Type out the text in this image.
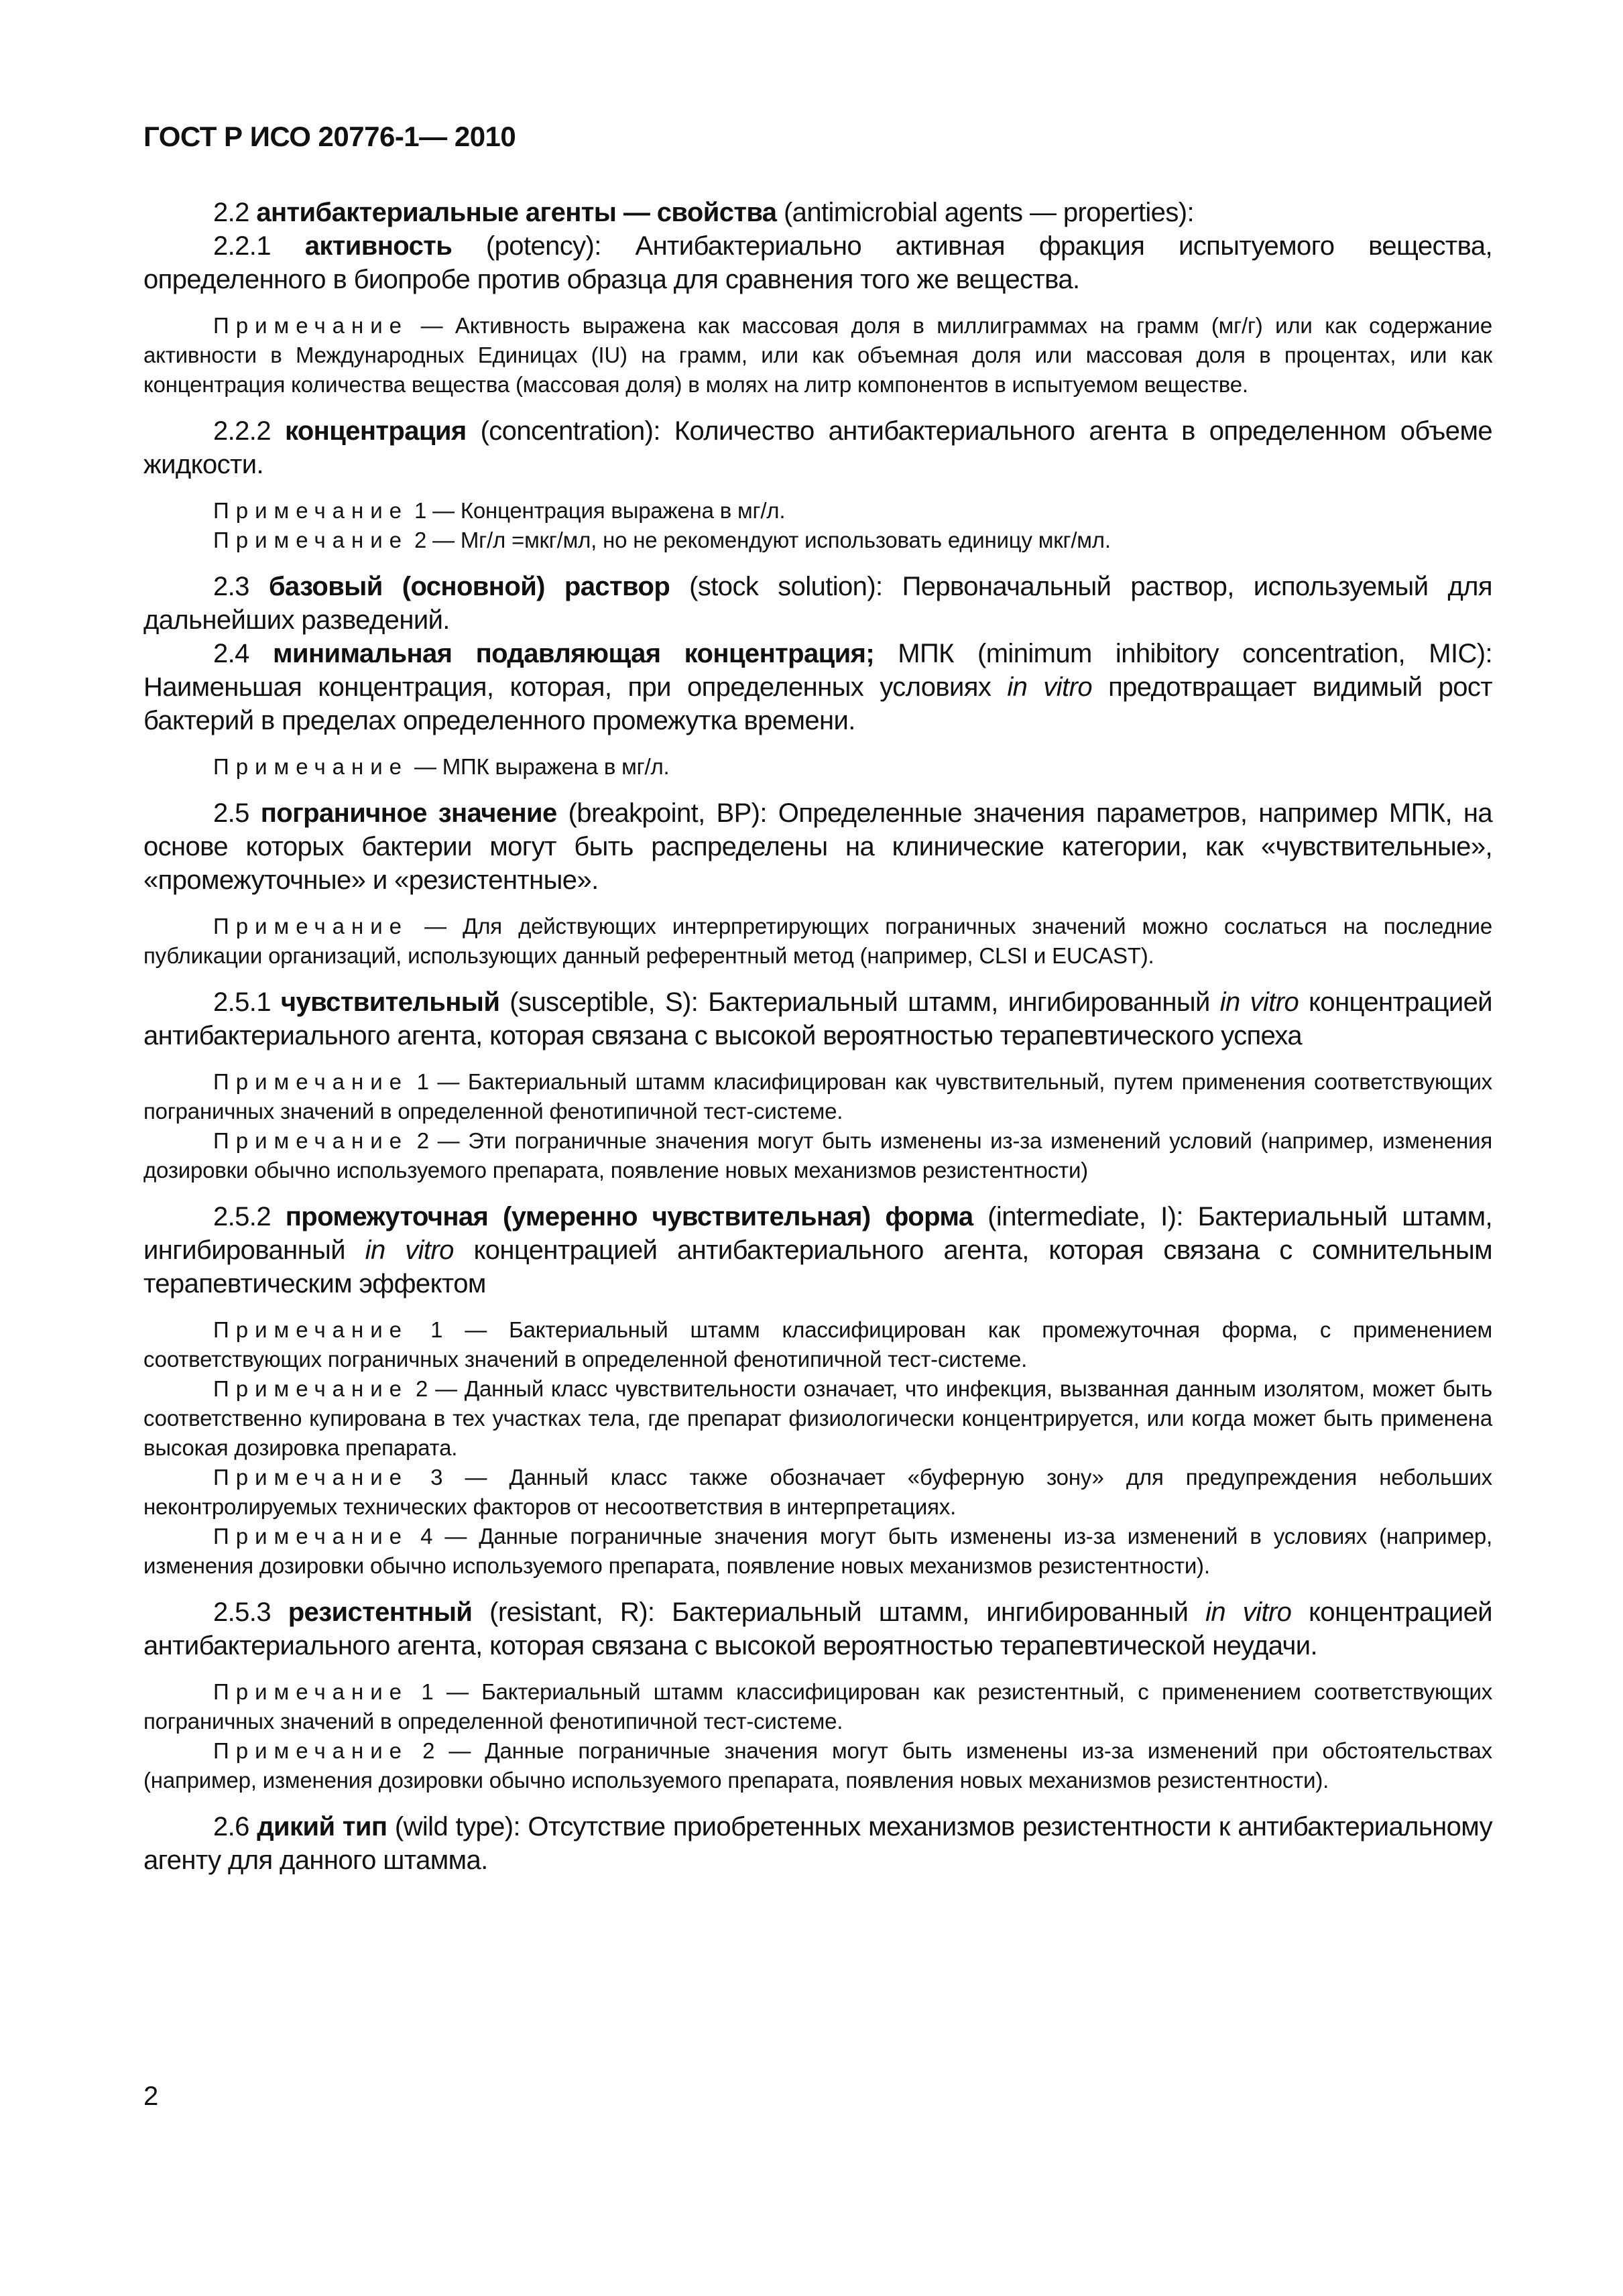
ГОСТ Р ИСО 20776-1— 2010

2.2 антибактериальные агенты — свойства (antimicrobial agents — properties):

2.2.1 активность (potency): Антибактериально активная фракция испытуемого вещества, определенного в биопробе против образца для сравнения того же вещества.

Примечание — Активность выражена как массовая доля в миллиграммах на грамм (мг/г) или как содержание активности в Международных Единицах (IU) на грамм, или как объемная доля или массовая доля в процентах, или как концентрация количества вещества (массовая доля) в молях на литр компонентов в испытуемом веществе.

2.2.2 концентрация (concentration): Количество антибактериального агента в определенном объеме жидкости.

Примечание 1 — Концентрация выражена в мг/л.

Примечание 2 — Мг/л =мкг/мл, но не рекомендуют использовать единицу мкг/мл.

2.3 базовый (основной) раствор (stock solution): Первоначальный раствор, используемый для дальнейших разведений.

2.4 минимальная подавляющая концентрация; МПК (minimum inhibitory concentration, MIC): Наименьшая концентрация, которая, при определенных условиях in vitro предотвращает видимый рост бактерий в пределах определенного промежутка времени.

Примечание — МПК выражена в мг/л.

2.5 пограничное значение (breakpoint, BP): Определенные значения параметров, например МПК, на основе которых бактерии могут быть распределены на клинические категории, как «чувствительные», «промежуточные» и «резистентные».

Примечание — Для действующих интерпретирующих пограничных значений можно сослаться на последние публикации организаций, использующих данный референтный метод (например, CLSI и EUCAST).

2.5.1 чувствительный (susceptible, S): Бактериальный штамм, ингибированный in vitro концентрацией антибактериального агента, которая связана с высокой вероятностью терапевтического успеха

Примечание 1 — Бактериальный штамм класифицирован как чувствительный, путем применения соответствующих пограничных значений в определенной фенотипичной тест-системе.

Примечание 2 — Эти пограничные значения могут быть изменены из-за изменений условий (например, изменения дозировки обычно используемого препарата, появление новых механизмов резистентности)

2.5.2 промежуточная (умеренно чувствительная) форма (intermediate, I): Бактериальный штамм, ингибированный in vitro концентрацией антибактериального агента, которая связана с сомнительным терапевтическим эффектом

Примечание 1 — Бактериальный штамм классифицирован как промежуточная форма, с применением соответствующих пограничных значений в определенной фенотипичной тест-системе.

Примечание 2 — Данный класс чувствительности означает, что инфекция, вызванная данным изолятом, может быть соответственно купирована в тех участках тела, где препарат физиологически концентрируется, или когда может быть применена высокая дозировка препарата.

Примечание 3 — Данный класс также обозначает «буферную зону» для предупреждения небольших неконтролируемых технических факторов от несоответствия в интерпретациях.

Примечание 4 — Данные пограничные значения могут быть изменены из-за изменений в условиях (например, изменения дозировки обычно используемого препарата, появление новых механизмов резистентности).

2.5.3 резистентный (resistant, R): Бактериальный штамм, ингибированный in vitro концентрацией антибактериального агента, которая связана с высокой вероятностью терапевтической неудачи.

Примечание 1 — Бактериальный штамм классифицирован как резистентный, с применением соответствующих пограничных значений в определенной фенотипичной тест-системе.

Примечание 2 — Данные пограничные значения могут быть изменены из-за изменений при обстоятельствах (например, изменения дозировки обычно используемого препарата, появления новых механизмов резистентности).

2.6 дикий тип (wild type): Отсутствие приобретенных механизмов резистентности к антибактериальному агенту для данного штамма.

2
